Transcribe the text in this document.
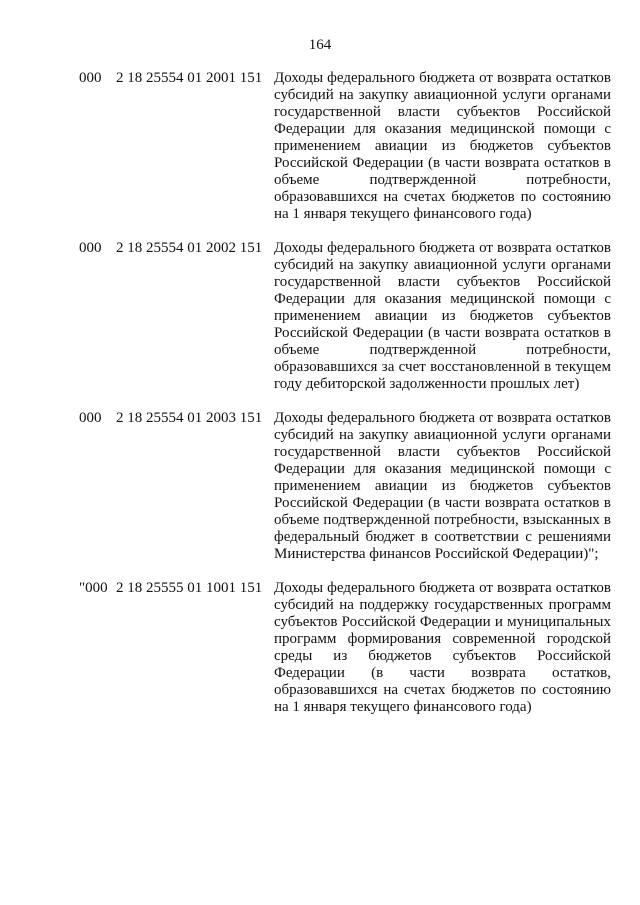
164
000 2 18 25554 01 2001 151 Доходы федерального бюджета от возврата остатков субсидий на закупку авиационной услуги органами государственной власти субъектов Российской Федерации для оказания медицинской помощи с применением авиации из бюджетов субъектов Российской Федерации (в части возврата остатков в объеме подтвержденной потребности, образовавшихся на счетах бюджетов по состоянию на 1 января текущего финансового года)
000 2 18 25554 01 2002 151 Доходы федерального бюджета от возврата остатков субсидий на закупку авиационной услуги органами государственной власти субъектов Российской Федерации для оказания медицинской помощи с применением авиации из бюджетов субъектов Российской Федерации (в части возврата остатков в объеме подтвержденной потребности, образовавшихся за счет восстановленной в текущем году дебиторской задолженности прошлых лет)
000 2 18 25554 01 2003 151 Доходы федерального бюджета от возврата остатков субсидий на закупку авиационной услуги органами государственной власти субъектов Российской Федерации для оказания медицинской помощи с применением авиации из бюджетов субъектов Российской Федерации (в части возврата остатков в объеме подтвержденной потребности, взысканных в федеральный бюджет в соответствии с решениями Министерства финансов Российской Федерации)";
"000 2 18 25555 01 1001 151 Доходы федерального бюджета от возврата остатков субсидий на поддержку государственных программ субъектов Российской Федерации и муниципальных программ формирования современной городской среды из бюджетов субъектов Российской Федерации (в части возврата остатков, образовавшихся на счетах бюджетов по состоянию на 1 января текущего финансового года)
